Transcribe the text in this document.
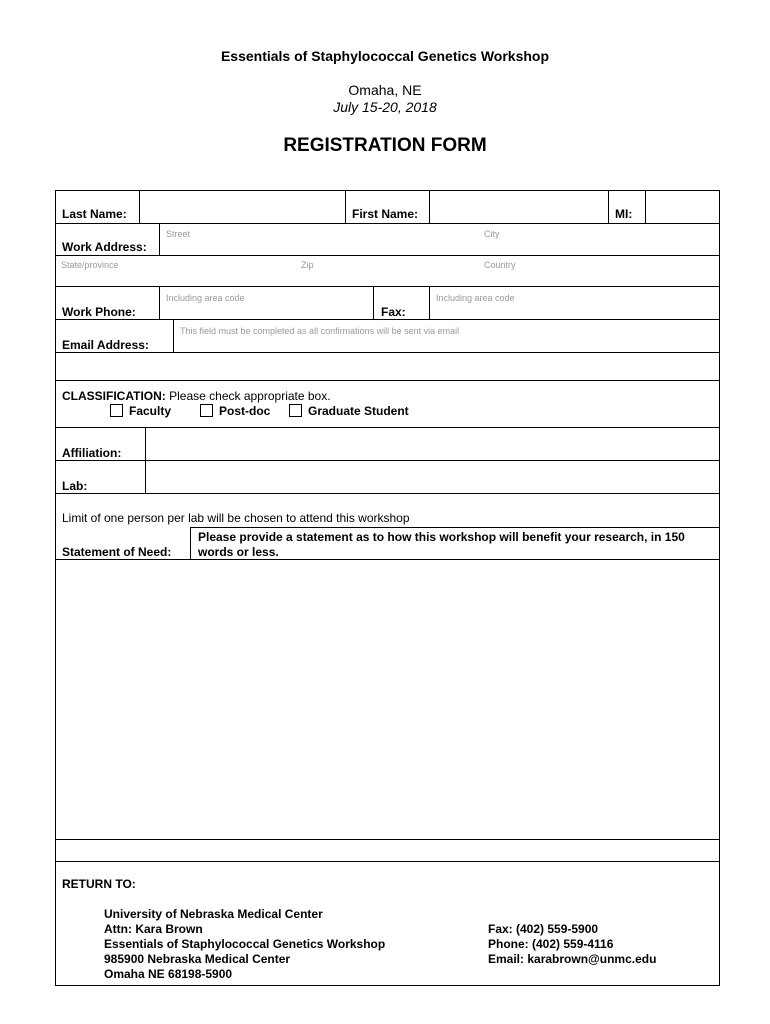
Essentials of Staphylococcal Genetics Workshop
Omaha, NE
July 15-20, 2018
REGISTRATION FORM
Last Name:	First Name:	MI:
Work Address:
Street	City
State/province	Zip	Country
Work Phone:
Including area code
Fax:
Including area code
Email Address:
This field must be completed as all confirmations will be sent via email
CLASSIFICATION: Please check appropriate box.
Faculty	Post-doc	Graduate Student
Affiliation:
Lab:
Limit of one person per lab will be chosen to attend this workshop
Statement of Need:
Please provide a statement as to how this workshop will benefit your research, in 150 words or less.
RETURN TO:
University of Nebraska Medical Center
Attn: Kara Brown
Essentials of Staphylococcal Genetics Workshop
985900 Nebraska Medical Center
Omaha NE 68198-5900
Fax: (402) 559-5900
Phone: (402) 559-4116
Email: karabrown@unmc.edu
